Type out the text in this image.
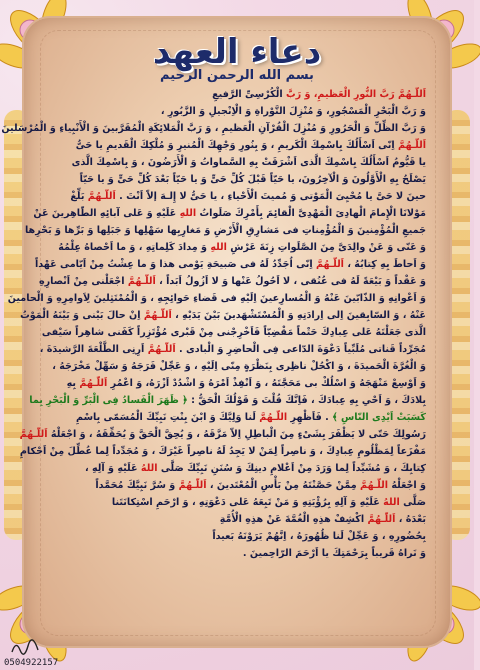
دعاء العهد
بسم الله الرحمن الرحيم
اَللّـهُمَّ رَبَّ النُّورِ الْعَظیمِ، وَ رَبَّ الْكُرْسِیِّ الرَّفیعِ
وَ رَبَّ الْبَحْرِ الْمَسْجُورِ، وَ مُنْزِلَ التَّوْراةِ وَ الْاِنْجیلِ وَ الزَّبُورِ ،
وَ رَبَّ الظِّلِّ وَ الْحَرُورِ وَ مُنْزِلَ الْقُرْآنِ الْعَظیمِ ، وَ رَبَّ الْمَلائِكَةِ الْمُقَرَّبینَ وَ الْأَنْبِیاءِ وَ الْمُرْسَلینَ
اَللّـهُمَّ اِنّی اَسْأَلُكَ بِاسْمِكَ الْكَریمِ ، وَ بِنُورِ وَجْهِكَ الْمُنیرِ وَ مُلْكِكَ الْقَدیمِ یا حَیُّ
یا قَیُّومُ اَسْأَلُكَ بِاسْمِكَ الَّذی اَشْرَقَتْ بِهِ السَّماواتُ وَ الْأَرَضُونَ ، وَ بِاسْمِكَ الَّذی
یَصْلَحُ بِهِ الْأَوَّلُونَ وَ الْآخِرُونَ، یا حَیّاً قَبْلَ كُلِّ حَیٍّ وَ یا حَیّاً بَعْدَ كُلِّ حَیٍّ وَ یا حَیّاً
حینَ لا حَیَّ یا مُحْیِیَ الْمَوْتی وَ مُمیتَ الْأَحْیاءِ ، یا حَیُّ لا إِلـهَ إلاّ اَنْتَ . اَللّـهُمَّ بَلِّغْ
مَوْلانَا الْإِمامَ الْهادِیَ الْمَهْدِیَّ الْقائِمَ بِأَمْرِكَ صَلَواتُ اللهِ عَلَیْهِ وَ عَلی آبائِهِ الطّاهِرینَ عَنْ
جَمیعِ الْمُؤْمِنینَ وَ الْمُؤْمِناتِ فی مَشارِقِ الْأَرْضِ وَ مَغارِبِها سَهْلِها وَ جَبَلِها وَ بَرِّها وَ بَحْرِها
وَ عَنّی وَ عَنْ والِدَیَّ مِنَ الصَّلَواتِ زِنَةَ عَرْشِ اللهِ وَ مِدادَ كَلِماتِهِ ، وَ ما اَحْصاهُ عِلْمُهُ
وَ اَحاطَ بِهِ كِتابُهُ ، اَللّـهُمَّ اِنّی اُجَدِّدُ لَهُ فی صَبیحَةِ یَوْمی هذا وَ ما عِشْتُ مِنْ اَیّامی عَهْداً
وَ عَقْداً وَ بَیْعَةً لَهُ فی عُنُقی ، لا اَحُولُ عَنْها وَ لا اَزُولُ اَبَداً ، اَللّـهُمَّ اجْعَلْنی مِنْ اَنْصارِهِ
وَ اَعْوانِهِ وَ الذّابّینَ عَنْهُ وَ الْمُسارِعینَ اِلَیْهِ فی قَضاءِ حَوائِجِهِ ، وَ الْمُمْتَثِلینَ لِاَوامِرِهِ وَ الْحامینَ
عَنْهُ ، وَ السّابِقینَ اِلی اِرادَتِهِ وَ الْمُسْتَشْهَدینَ بَیْنَ یَدَیْهِ ، اَللّـهُمَّ اِنْ حالَ بَیْنی وَ بَیْنَهُ الْمَوْتُ
الَّذی جَعَلْتَهُ عَلی عِبادِكَ حَتْماً مَقْضِیّاً فَاَخْرِجْنی مِنْ قَبْری مُؤْتَزِراً كَفَنی شاهِراً سَیْفی
مُجَرِّداً قَناتی مُلَبِّیاً دَعْوَةَ الدّاعی فِی الْحاضِرِ وَ الْبادی . اَللّـهُمَّ اَرِنِی الطَّلْعَةَ الرَّشیدَةَ ،
وَ الْغُرَّةَ الْحَمیدَةَ ، وَ اكْحُلْ ناظِری بِنَظْرَةٍ مِنّی اِلَیْهِ ، وَ عَجِّلْ فَرَجَهُ وَ سَهِّلْ مَخْرَجَهُ ،
وَ اَوْسِعْ مَنْهَجَهُ وَ اسْلُكْ بی مَحَجَّتَهُ ، وَ اَنْفِذْ اَمْرَهُ وَ اشْدُدْ اَزْرَهُ، وَ اعْمُرِ اَللّـهُمَّ بِهِ
بِلادَكَ ، وَ اَحْیِ بِهِ عِبادَكَ ، فَاِنَّكَ قُلْتَ وَ قَوْلُكَ الْحَقُّ : ﴿ ظَهَرَ الْفَسادُ فِی الْبَرِّ وَ الْبَحْرِ بِما
كَسَبَتْ اَیْدِی النّاسِ ﴾ . فَاَظْهِرِ اللّـهُمَّ لَنا وَلِیَّكَ وَ ابْنَ بِنْتِ نَبِیِّكَ الْمُسَمّی بِاسْمِ
رَسُولِكَ حَتّی لا یَظْفَرَ بِشَیْءٍ مِنَ الْباطِلِ اِلاّ مَزَّقَهُ ، وَ یُحِقَّ الْحَقَّ وَ یُحَقِّقَهُ ، وَ اجْعَلْهُ اَللّـهُمَّ
مَفْزَعاً لِمَظْلُومِ عِبادِكَ ، وَ ناصِراً لِمَنْ لا یَجِدُ لَهُ ناصِراً غَیْرَكَ ، وَ مُجَدِّداً لِما عُطِّلَ مِنْ اَحْكامِ
كِتابِكَ ، وَ مُشَیِّداً لِما وَرَدَ مِنْ اَعْلامِ دینِكَ وَ سُنَنِ نَبِیِّكَ صَلَّی اللهُ عَلَیْهِ وَ آلِهِ ،
وَ اجْعَلْهُ اللّـهُمَّ مِمَّنْ حَصَّنْتَهُ مِنْ بَأْسِ الْمُعْتَدینَ ، اَللّـهُمَّ وَ سُرَّ نَبِیَّكَ مُحَمَّداً
صَلَّی اللهُ عَلَیْهِ وَ آلِهِ بِرُؤْیَتِهِ وَ مَنْ تَبِعَهُ عَلی دَعْوَتِهِ ، وَ ارْحَمِ اسْتِكانَتَنا
بَعْدَهُ ، اَللّـهُمَّ اكْشِفْ هذِهِ الْغُمَّةَ عَنْ هذِهِ الْأُمَّةِ
بِحُضُورِهِ ، وَ عَجِّلْ لَنا ظُهُورَهُ ، اِنَّهُمْ یَرَوْنَهُ بَعیداً
وَ نَراهُ قَریباً بِرَحْمَتِكَ یا اَرْحَمَ الرّاحِمینَ .
0504922157
